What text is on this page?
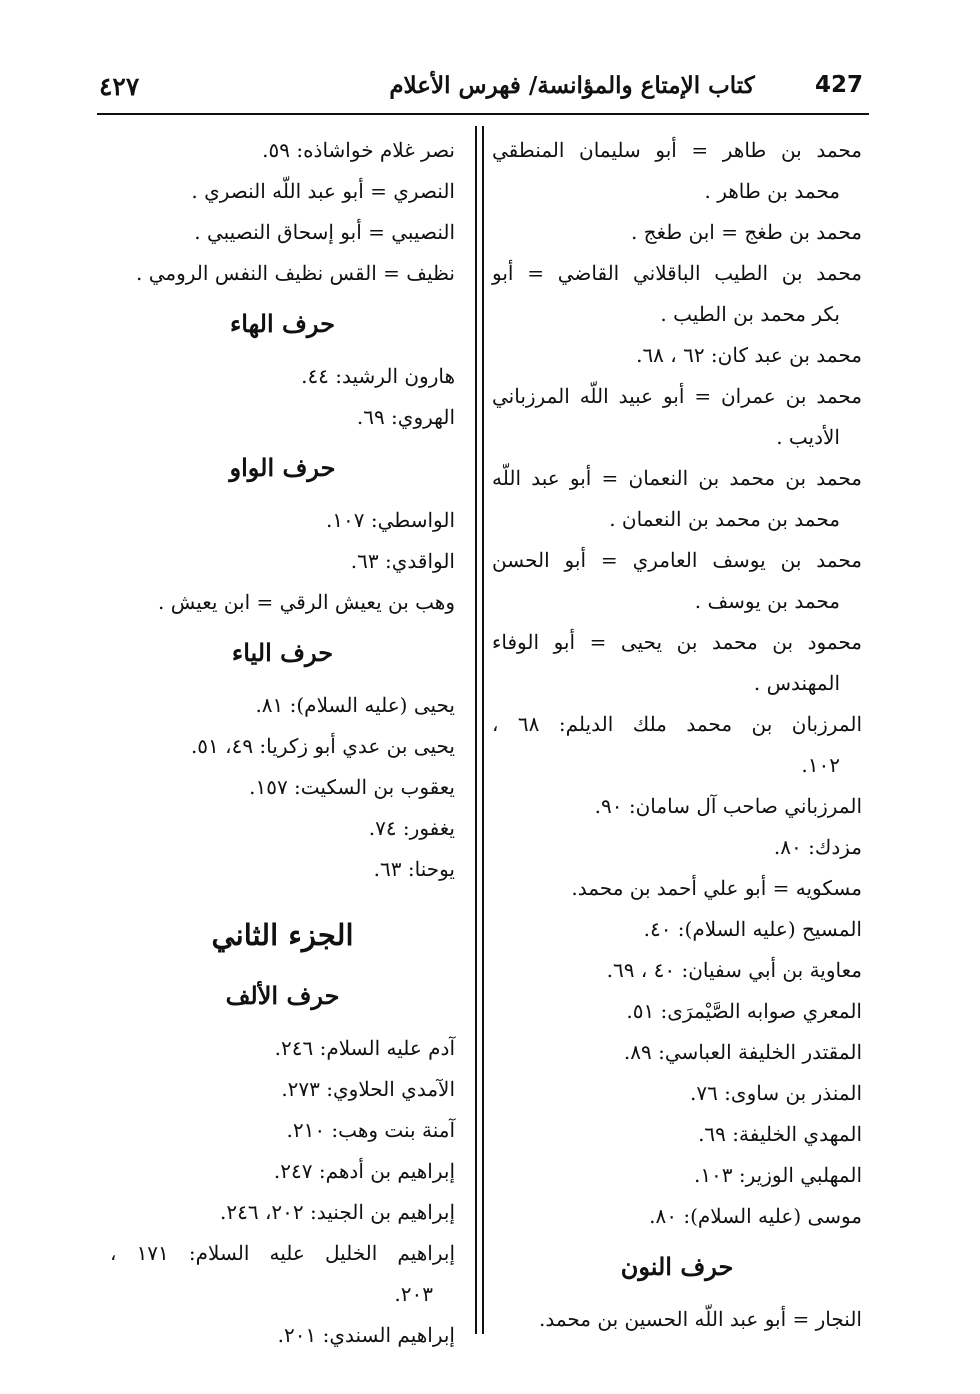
٤٢٧	كتاب الإمتاع والمؤانسة/ فهرس الأعلام	427
محمد بن طاهر = أبو سليمان المنطقي
محمد بن طاهر .
محمد بن طغج = ابن طغج .
محمد بن الطيب الباقلاني القاضي = أبو
بكر محمد بن الطيب .
محمد بن عبد كان: ٦٢ ، ٦٨.
محمد بن عمران = أبو عبيد اللّه المرزباني
الأديب .
محمد بن محمد بن النعمان = أبو عبد اللّه
محمد بن محمد بن النعمان .
محمد بن يوسف العامري = أبو الحسن
محمد بن يوسف .
محمود بن محمد بن يحيى = أبو الوفاء
المهندس .
المرزبان بن محمد ملك الديلم: ٦٨ ،
١٠٢.
المرزباني صاحب آل سامان: ٩٠.
مزدك: ٨٠.
مسكويه = أبو علي أحمد بن محمد.
المسيح (عليه السلام): ٤٠.
معاوية بن أبي سفيان: ٤٠ ، ٦٩.
المعري صوابه الصَّيْمرَى: ٥١.
المقتدر الخليفة العباسي: ٨٩.
المنذر بن ساوى: ٧٦.
المهدي الخليفة: ٦٩.
المهلبي الوزير: ١٠٣.
موسى (عليه السلام): ٨٠.
حرف النون
النجار = أبو عبد اللّه الحسين بن محمد.
نصر غلام خواشاذه: ٥٩.
النصري = أبو عبد اللّه النصري .
النصيبي = أبو إسحاق النصيبي .
نظيف = القس نظيف النفس الرومي .
حرف الهاء
هارون الرشيد: ٤٤.
الهروي: ٦٩.
حرف الواو
الواسطي: ١٠٧.
الواقدي: ٦٣.
وهب بن يعيش الرقي = ابن يعيش .
حرف الياء
يحيى (عليه السلام): ٨١.
يحيى بن عدي أبو زكريا: ٤٩، ٥١.
يعقوب بن السكيت: ١٥٧.
يغفور: ٧٤.
يوحنا: ٦٣.
الجزء الثاني
حرف الألف
آدم عليه السلام: ٢٤٦.
الآمدي الحلاوي: ٢٧٣.
آمنة بنت وهب: ٢١٠.
إبراهيم بن أدهم: ٢٤٧.
إبراهيم بن الجنيد: ٢٠٢، ٢٤٦.
إبراهيم الخليل عليه السلام: ١٧١ ،
٢٠٣.
إبراهيم السندي: ٢٠١.
